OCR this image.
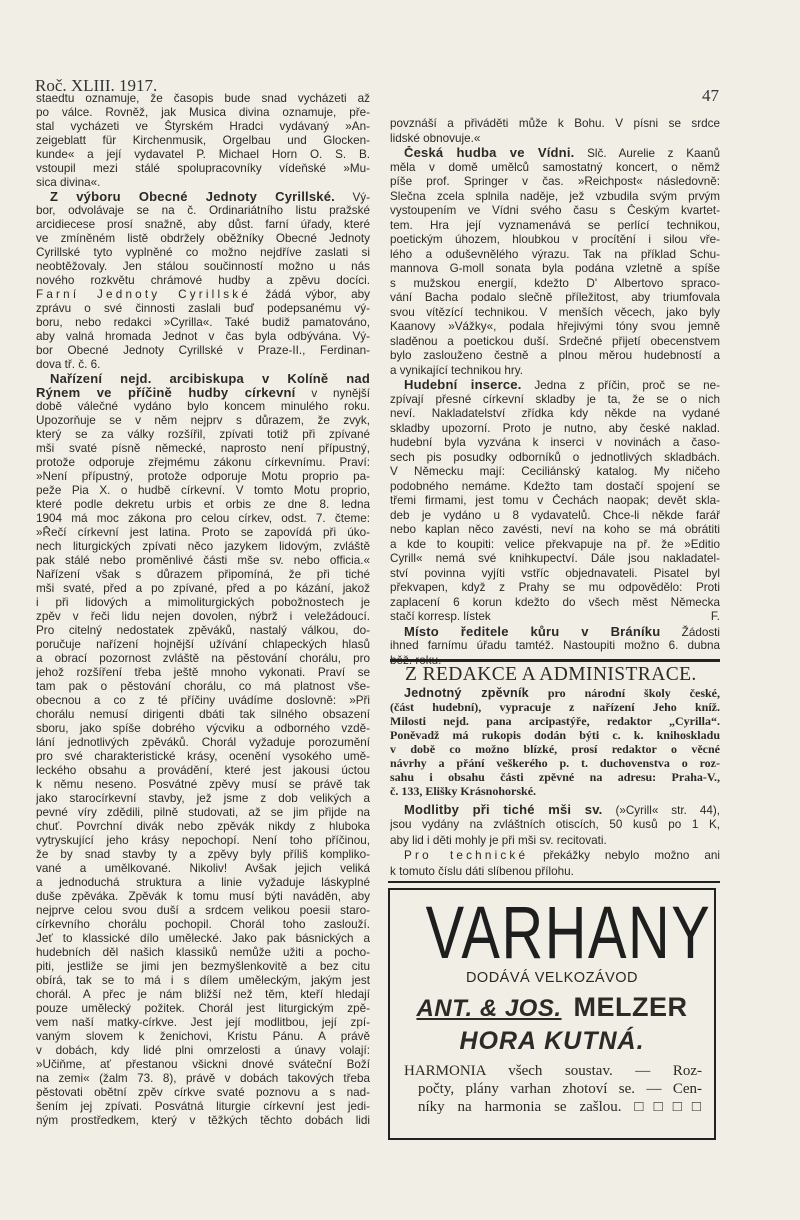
Roč. XLIII. 1917.
47
staedtu oznamuje, že časopis bude snad vycházeti až
po válce. Rovněž, jak Musica divina oznamuje, pře-
stal vycházeti ve Štyrském Hradci vydávaný »An-
zeigeblatt für Kirchenmusik, Orgelbau und Glocken-
kunde« a její vydavatel P. Michael Horn O. S. B.
vstoupil mezi stálé spolupracovníky vídeňské »Mu-
sica divina«.
Z výboru Obecné Jednoty Cyrillské. Vý-
bor, odvolávaje se na č. Ordinariátního listu pražské
arcidiecese prosí snažně, aby důst. farní úřady, které
ve zmíněném listě obdržely oběžníky Obecné Jednoty
Cyrillské tyto vyplněné co možno nejdříve zaslati si
neobtěžovaly. Jen stálou součinností možno u nás
nového rozkvětu chrámové hudby a zpěvu docíci.
Farní Jednoty Cyrillské žádá výbor, aby
zprávu o své činnosti zaslali buď podepsanému vý-
boru, nebo redakci »Cyrilla«. Také budiž pamatováno,
aby valná hromada Jednot v čas byla odbývána. Vý-
bor Obecné Jednoty Cyrillské v Praze-II., Ferdinan-
dova tř. č. 6.
Nařízení nejd. arcibiskupa v Kolíně nad
Rýnem ve příčině hudby církevní v nynější
době válečné vydáno bylo koncem minulého roku.
Upozorňuje se v něm nejprv s důrazem, že zvyk,
který se za války rozšířil, zpívati totiž při zpívané
mši svaté písně německé, naprosto není přípustný,
protože odporuje zřejmému zákonu církevnímu. Praví:
»Není přípustný, protože odporuje Motu proprio pa-
peže Pia X. o hudbě církevní. V tomto Motu proprio,
které podle dekretu urbis et orbis ze dne 8. ledna
1904 má moc zákona pro celou církev, odst. 7. čteme:
»Řečí církevní jest latina. Proto se zapovídá při úko-
nech liturgických zpívati něco jazykem lidovým, zvláště
pak stálé nebo proměnlivé části mše sv. nebo officia.«
Nařízení však s důrazem připomíná, že při tiché
mši svaté, před a po zpívané, před a po kázání, jakož
i při lidových a mimoliturgických pobožnostech je
zpěv v řeči lidu nejen dovolen, nýbrž i veležádoucí.
Pro citelný nedostatek zpěváků, nastalý válkou, do-
poručuje nařízení hojnější užívání chlapeckých hlasů
a obrací pozornost zvláště na pěstování chorálu, pro
jehož rozšíření třeba ještě mnoho vykonati. Praví se
tam pak o pěstování chorálu, co má platnost vše-
obecnou a co z té příčiny uvádíme doslovně: »Při
chorálu nemusí dirigenti dbáti tak silného obsazení
sboru, jako spíše dobrého výcviku a odborného vzdě-
lání jednotlivých zpěváků. Chorál vyžaduje porozumění
pro své charakteristické krásy, ocenění vysokého umě-
leckého obsahu a provádění, které jest jakousi úctou
k němu neseno. Posvátné zpěvy musí se právě tak
jako starocírkevní stavby, jež jsme z dob velikých a
pevné víry zdědili, pilně studovati, až se jim přijde na
chuť. Povrchní divák nebo zpěvák nikdy z hluboka
vytryskující jeho krásy nepochopí. Není toho příčinou,
že by snad stavby ty a zpěvy byly příliš kompliko-
vané a umělkované. Nikoliv! Avšak jejich veliká
a jednoduchá struktura a linie vyžaduje láskyplné
duše zpěváka. Zpěvák k tomu musí býti naváděn, aby
nejprve celou svou duší a srdcem velikou poesii staro-
církevního chorálu pochopil. Chorál toho zaslouží.
Jeť to klassické dílo umělecké. Jako pak básnických a
hudebních děl našich klassiků nemůže užiti a pocho-
piti, jestliže se jimi jen bezmyšlenkovitě a bez citu
obírá, tak se to má i s dílem uměleckým, jakým jest
chorál. A přec je nám bližší než těm, kteří hledají
pouze umělecký požitek. Chorál jest liturgickým zpě-
vem naší matky-církve. Jest její modlitbou, její zpí-
vaným slovem k ženichovi, Kristu Pánu. A právě
v dobách, kdy lidé plni omrzelosti a únavy volají:
»Učiňme, ať přestanou všickni dnové sváteční Boží
na zemi« (žalm 73. 8), právě v dobách takových třeba
pěstovati obětní zpěv církve svaté poznovu a s nad-
šením jej zpívati. Posvátná liturgie církevní jest jedi-
ným prostředkem, který v těžkých těchto dobách lidi
povznáší a přiváděti může k Bohu. V písni se srdce
lidské obnovuje.«
Česká hudba ve Vídni. Slč. Aurelie z Kaanů
měla v domě umělců samostatný koncert, o němž
píše prof. Springer v čas. »Reichpost« následovně:
Slečna zcela splnila naděje, jež vzbudila svým prvým
vystoupením ve Vídni svého času s Českým kvartet-
tem. Hra její vyznamenává se perlící technikou,
poetickým úhozem, hloubkou v procítění i silou vře-
lého a oduševnělého výrazu. Tak na příklad Schu-
mannova G-moll sonata byla podána vzletně a spíše
s mužskou energií, kdežto D' Albertovo spraco-
vání Bacha podalo slečně příležitost, aby triumfovala
svou vítězící technikou. V menších věcech, jako byly
Kaanovy »Vážky«, podala hřejivými tóny svou jemně
sladěnou a poetickou duší. Srdečné přijetí obecenstvem
bylo zaslouženo čestně a plnou měrou hudebností a
a vynikající technikou hry.
Hudební inserce. Jedna z příčin, proč se ne-
zpívají přesné církevní skladby je ta, že se o nich
neví. Nakladatelství zřídka kdy někde na vydané
skladby upozorní. Proto je nutno, aby české naklad.
hudební byla vyzvána k inserci v novinách a časo-
sech pis posudky odborníků o jednotlivých skladbách.
V Německu mají: Ceciliánský katalog. My ničeho
podobného nemáme. Kdežto tam dostačí spojení se
třemi firmami, jest tomu v Čechách naopak; devět skla-
deb je vydáno u 8 vydavatelů. Chce-li někde farář
nebo kaplan něco zavésti, neví na koho se má obrátiti
a kde to koupiti: velice překvapuje na př. že »Editio
Cyrill« nemá své knihkupectví. Dále jsou nakladatel-
ství povinna vyjíti vstříc objednavateli. Pisatel byl
překvapen, když z Prahy se mu odpovědělo: Proti
zaplacení 6 korun kdežto do všech měst Německa
stačí korresp. lístek	F.
Místo ředitele kůru v Bráníku Žádosti
ihned farnímu úřadu tamtéž. Nastoupiti možno 6. dubna
Z REDAKCE A ADMINISTRACE.
Jednotný zpěvník pro národní školy české,
(část hudební), vypracuje z nařízení Jeho kníž.
Milosti nejd. pana arcipastýře, redaktor „Cyrilla“.
Poněvadž má rukopis dodán býti c. k. knihoskladu
v době co možno blízké, prosí redaktor o věcné
návrhy a přání veškerého p. t. duchovenstva o roz-
sahu i obsahu části zpěvné na adresu: Praha-V.,
č. 133, Elišky Krásnohorské.
Modlitby při tiché mši sv. (»Cyrill« str. 44),
jsou vydány na zvláštních otiscích, 50 kusů po 1 K,
aby lid i děti mohly je při mši sv. recitovati.
Pro technické překážky nebylo možno ani
k tomuto číslu dáti slíbenou přílohu.
VARHANY
DODÁVÁ VELKOZÁVOD
ANT. & JOS. MELZER
HORA KUTNÁ.
HARMONIA všech soustav. — Roz-
počty, plány varhan zhotoví se. — Cen-
níky na harmonia se zašlou. □□□□
